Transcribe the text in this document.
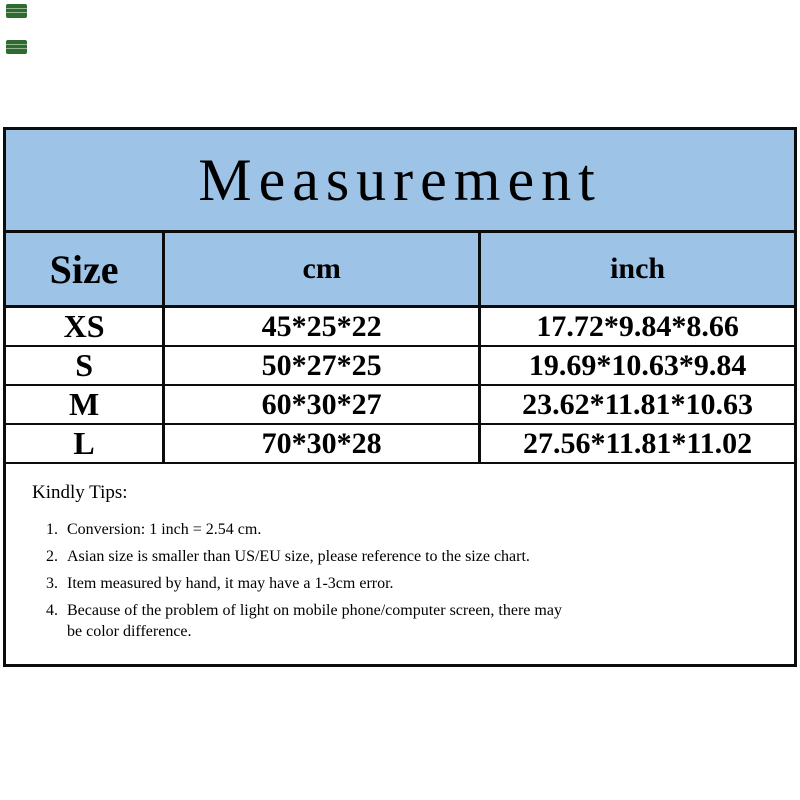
Measurement
Size	cm	inch
XS	45*25*22	17.72*9.84*8.66
S	50*27*25	19.69*10.63*9.84
M	60*30*27	23.62*11.81*10.63
L	70*30*28	27.56*11.81*11.02

Kindly Tips:

1. Conversion: 1 inch = 2.54 cm.
2. Asian size is smaller than US/EU size, please reference to the size chart.
3. Item measured by hand, it may have a 1-3cm error.
4. Because of the problem of light on mobile phone/computer screen, there may be color difference.
